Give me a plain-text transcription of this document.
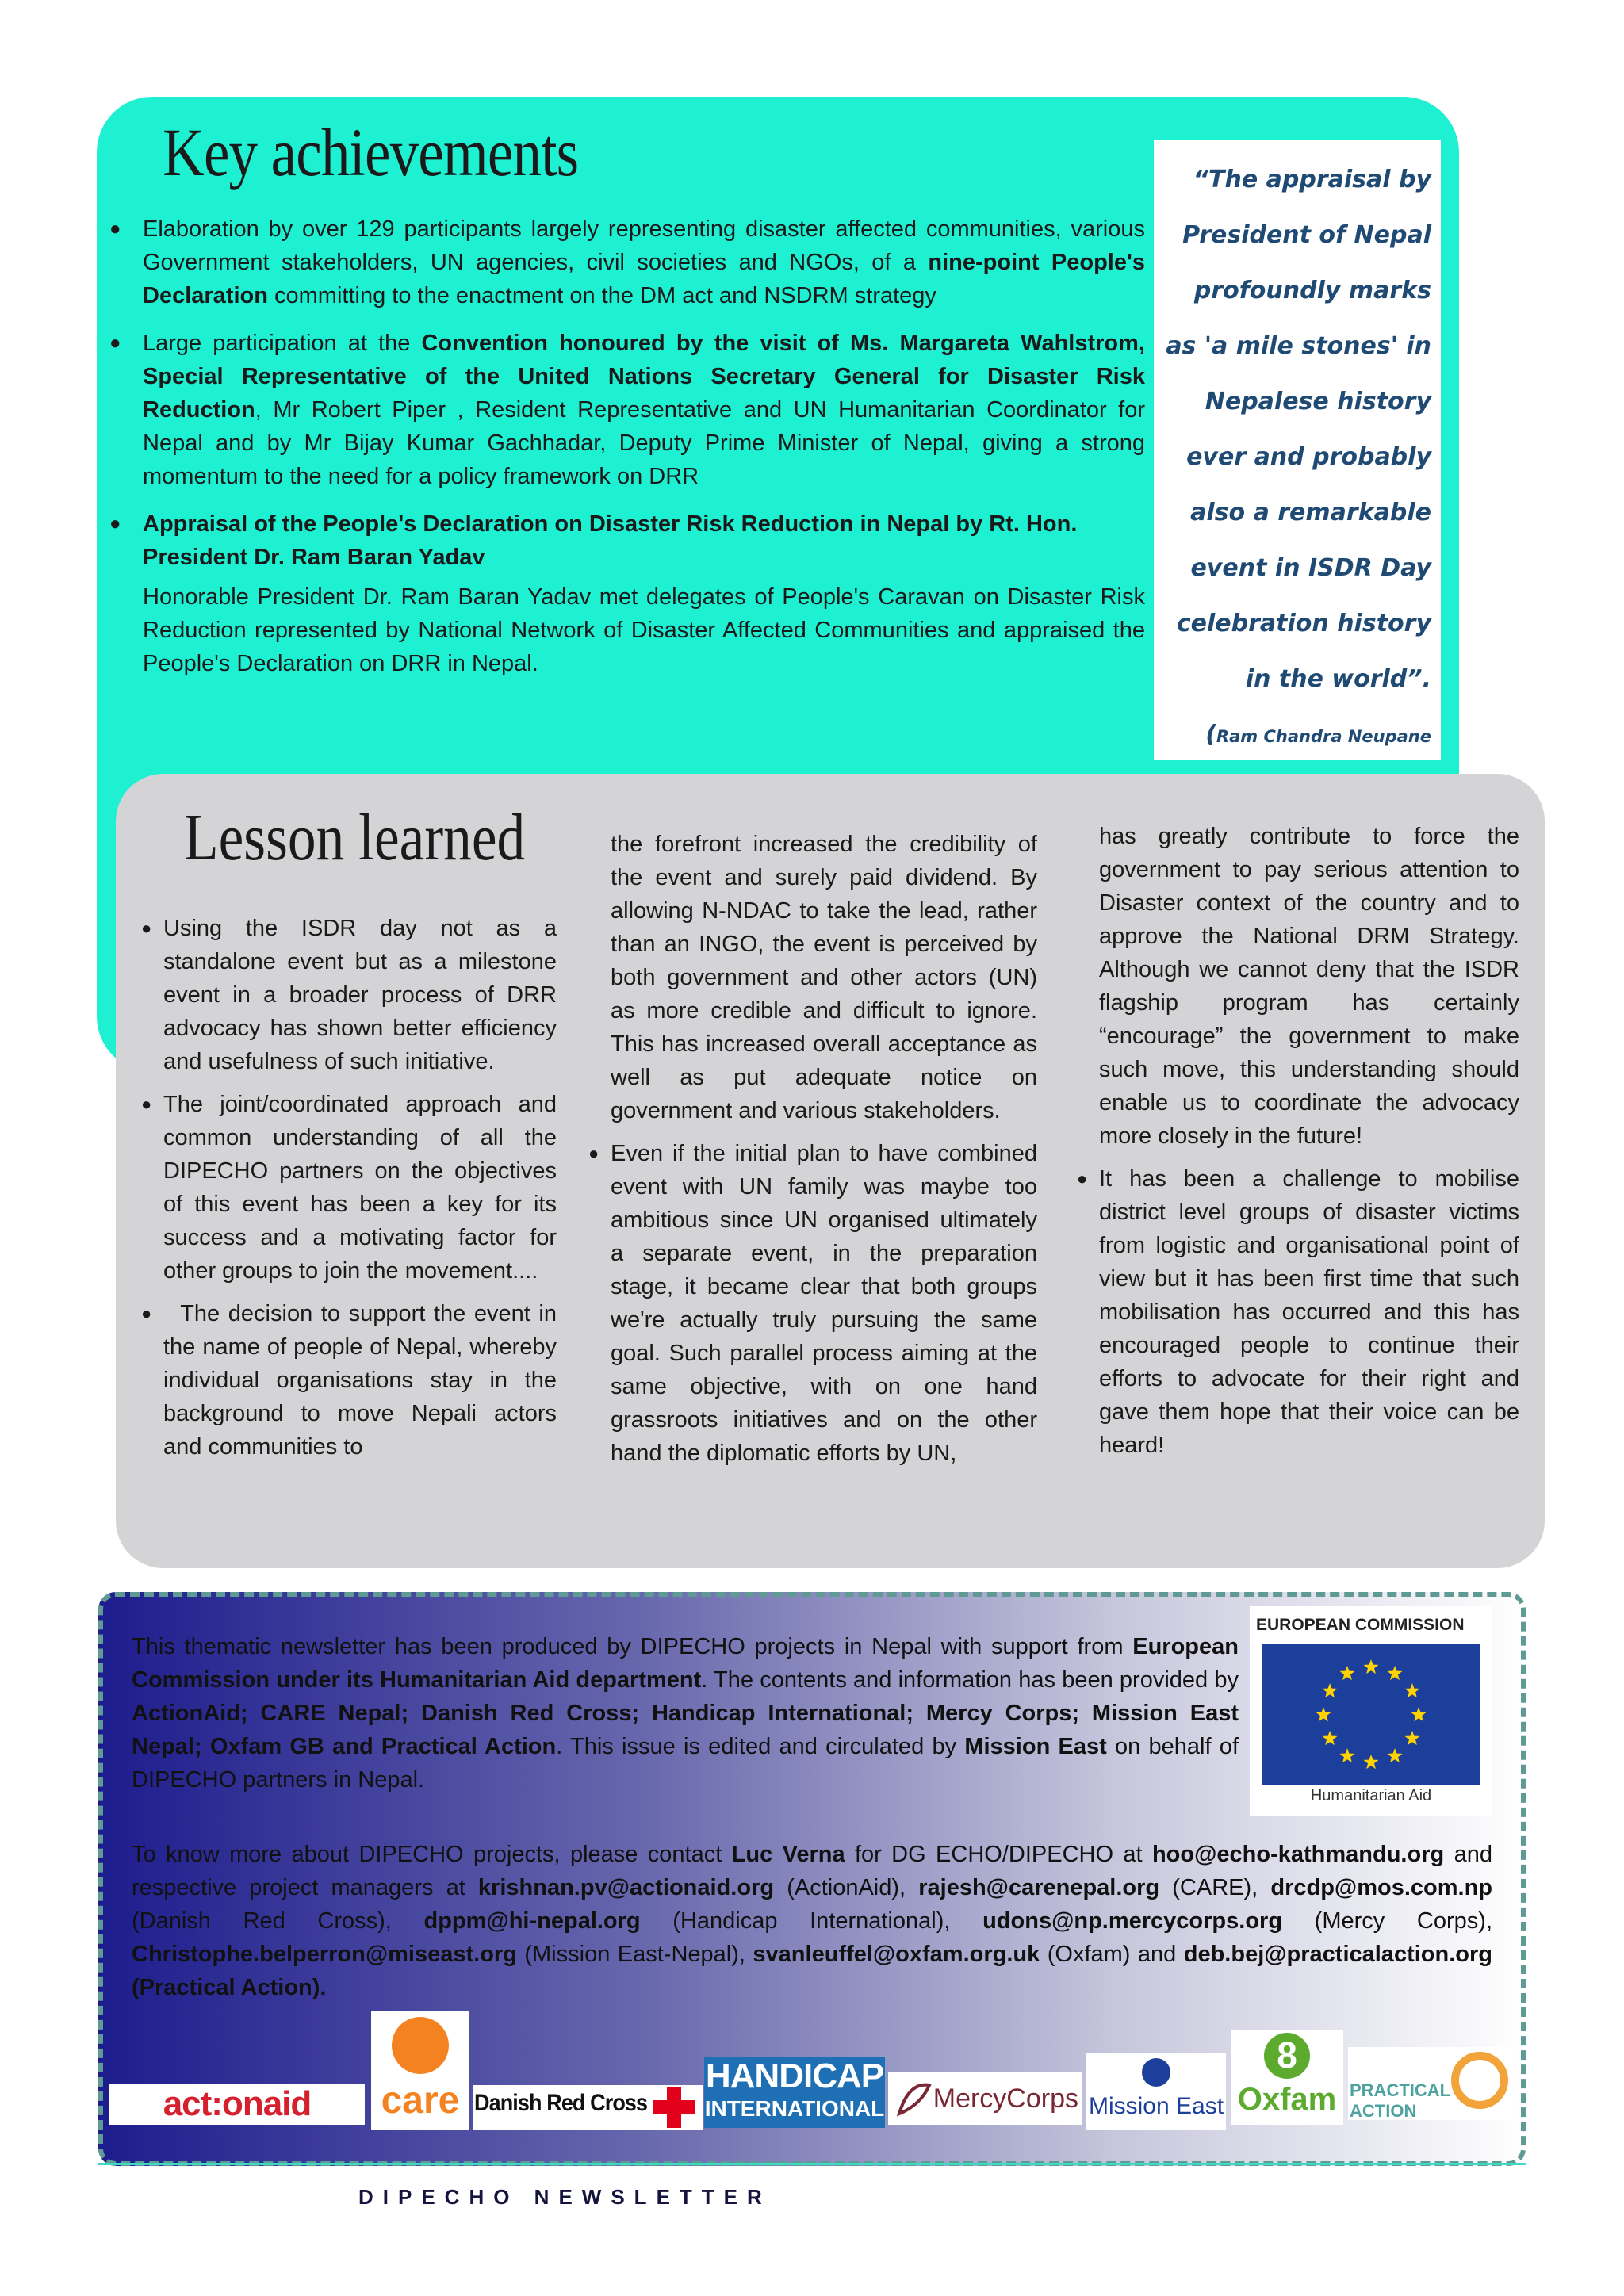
Key achievements
● Elaboration by over 129 participants largely representing disaster affected communities, various Government stakeholders, UN agencies, civil societies and NGOs, of a nine-point People's Declaration committing to the enactment on the DM act and NSDRM strategy
● Large participation at the Convention honoured by the visit of Ms. Margareta Wahlstrom, Special Representative of the United Nations Secretary General for Disaster Risk Reduction, Mr Robert Piper , Resident Representative and UN Humanitarian Coordinator for Nepal and by Mr Bijay Kumar Gachhadar, Deputy Prime Minister of Nepal, giving a strong momentum to the need for a policy framework on DRR
● Appraisal of the People's Declaration on Disaster Risk Reduction in Nepal by Rt. Hon. President Dr. Ram Baran Yadav
Honorable President Dr. Ram Baran Yadav met delegates of People's Caravan on Disaster Risk Reduction represented by National Network of Disaster Affected Communities and appraised the People's Declaration on DRR in Nepal.

“The appraisal by President of Nepal profoundly marks as 'a mile stones' in Nepalese history ever and probably also a remarkable event in ISDR Day celebration history in the world”.

(Ram Chandra Neupane

Lesson learned
● Using the ISDR day not as a standalone event but as a milestone event in a broader process of DRR advocacy has shown better efficiency and usefulness of such initiative.
● The joint/coordinated approach and common understanding of all the DIPECHO partners on the objectives of this event has been a key for its success and a motivating factor for other groups to join the movement....
● The decision to support the event in the name of people of Nepal, whereby individual organisations stay in the background to move Nepali actors and communities to

the forefront increased the credibility of the event and surely paid dividend. By allowing N-NDAC to take the lead, rather than an INGO, the event is perceived by both government and other actors (UN) as more credible and difficult to ignore. This has increased overall acceptance as well as put adequate notice on government and various stakeholders.

● Even if the initial plan to have combined event with UN family was maybe too ambitious since UN organised ultimately a separate event, in the preparation stage, it became clear that both groups we're actually truly pursuing the same goal. Such parallel process aiming at the same objective, with on one hand grassroots initiatives and on the other hand the diplomatic efforts by UN,

has greatly contribute to force the government to pay serious attention to Disaster context of the country and to approve the National DRM Strategy. Although we cannot deny that the ISDR flagship program has certainly “encourage” the government to make such move, this understanding should enable us to coordinate the advocacy more closely in the future!

● It has been a challenge to mobilise district level groups of disaster victims from logistic and organisational point of view but it has been first time that such mobilisation has occurred and this has encouraged people to continue their efforts to advocate for their right and gave them hope that their voice can be heard!
This thematic newsletter has been produced by DIPECHO projects in Nepal with support from European Commission under its Humanitarian Aid department. The contents and information has been provided by ActionAid; CARE Nepal; Danish Red Cross; Handicap International; Mercy Corps; Mission East Nepal; Oxfam GB and Practical Action. This issue is edited and circulated by Mission East on behalf of DIPECHO partners in Nepal.
To know more about DIPECHO projects, please contact Luc Verna for DG ECHO/DIPECHO at hoo@echo-kathmandu.org and respective project managers at krishnan.pv@actionaid.org (ActionAid), rajesh@carenepal.org (CARE), drcdp@mos.com.np (Danish Red Cross), dppm@hi-nepal.org (Handicap International), udons@np.mercycorps.org (Mercy Corps), Christophe.belperron@miseast.org (Mission East-Nepal), svanleuffel@oxfam.org.uk (Oxfam) and deb.bej@practicalaction.org (Practical Action).
EUROPEAN COMMISSION
Humanitarian Aid
act:onaid	care Danish Red Cross
HANDICAP
INTERNATIONAL	MercyCorps Mission East
8
Oxfam PRACTICAL ACTION
DIPECHO NEWSLETTER
